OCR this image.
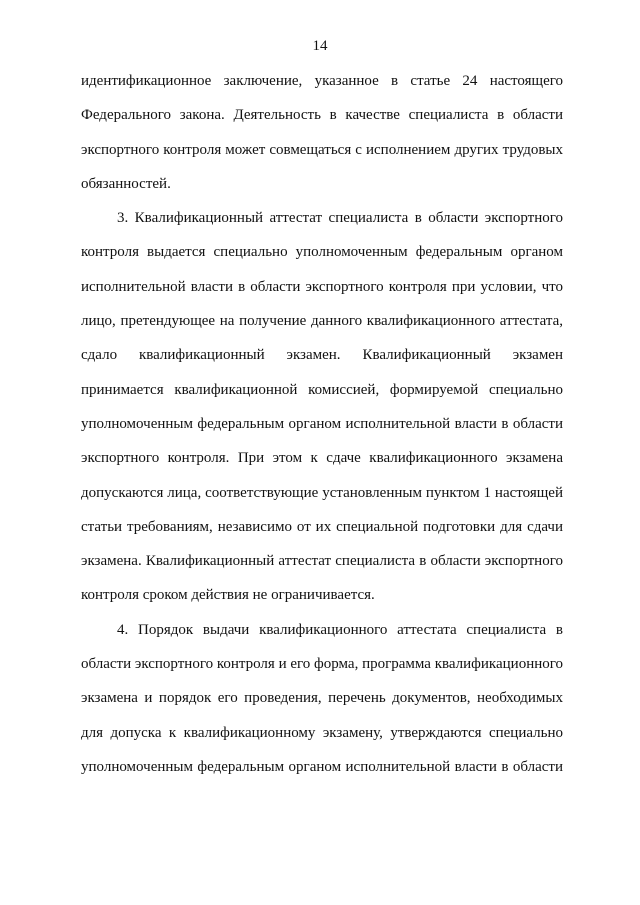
14
идентификационное заключение, указанное в статье 24 настоящего
Федерального закона. Деятельность в качестве специалиста в области
экспортного контроля может совмещаться с исполнением других трудовых
обязанностей.
3. Квалификационный аттестат специалиста в области экспортного
контроля выдается специально уполномоченным федеральным органом
исполнительной власти в области экспортного контроля при условии, что
лицо, претендующее на получение данного квалификационного аттестата,
сдало квалификационный экзамен. Квалификационный экзамен
принимается квалификационной комиссией, формируемой специально
уполномоченным федеральным органом исполнительной власти в области
экспортного контроля. При этом к сдаче квалификационного экзамена
допускаются лица, соответствующие установленным пунктом 1 настоящей
статьи требованиям, независимо от их специальной подготовки для сдачи
экзамена. Квалификационный аттестат специалиста в области экспортного
контроля сроком действия не ограничивается.
4. Порядок выдачи квалификационного аттестата специалиста в
области экспортного контроля и его форма, программа квалификационного
экзамена и порядок его проведения, перечень документов, необходимых
для допуска к квалификационному экзамену, утверждаются специально
уполномоченным федеральным органом исполнительной власти в области
